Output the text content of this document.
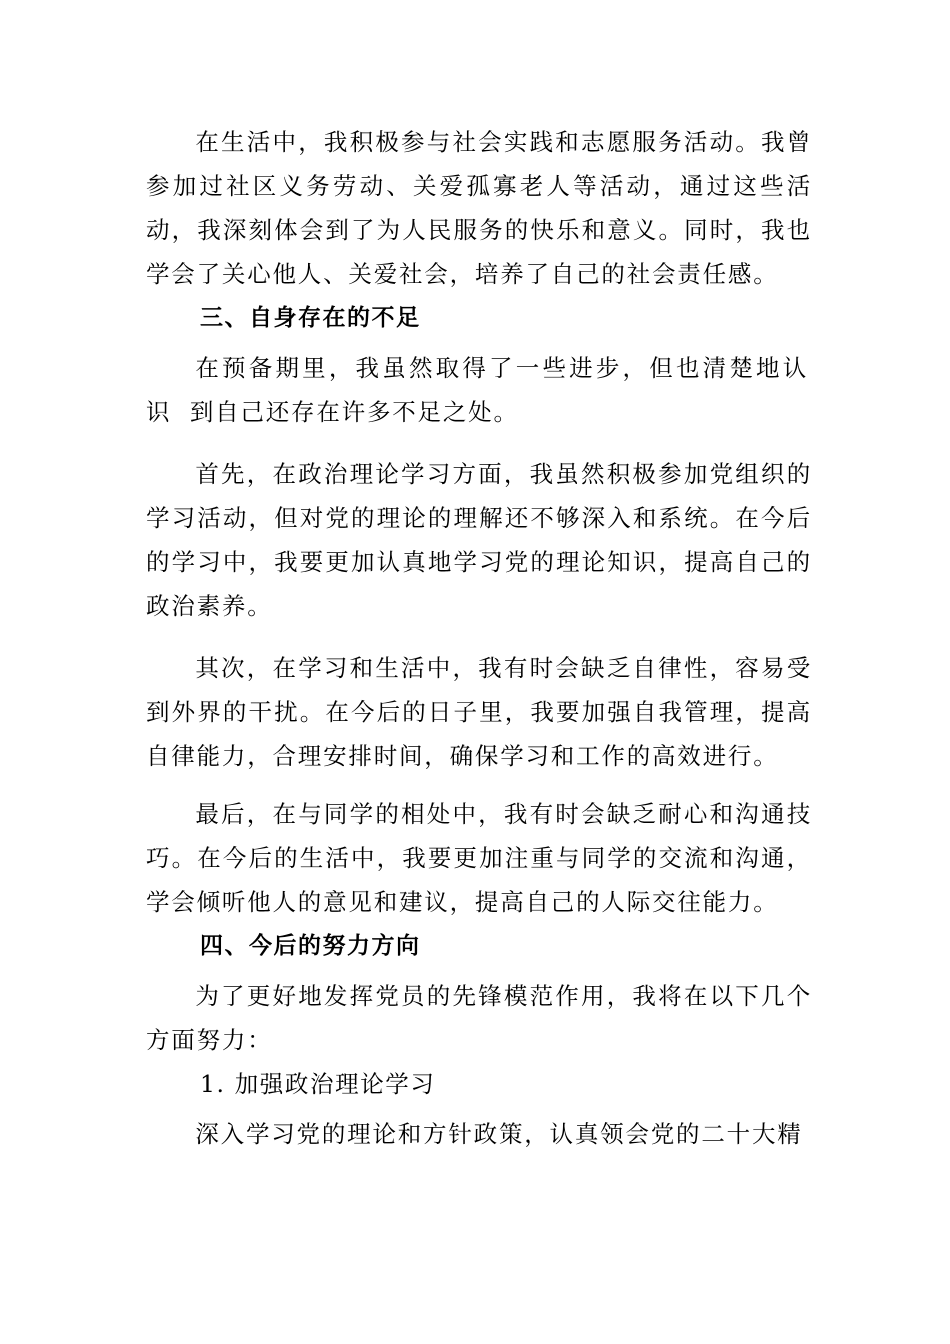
在生活中，我积极参与社会实践和志愿服务活动。我曾参加过社区义务劳动、关爱孤寡老人等活动，通过这些活动，我深刻体会到了为人民服务的快乐和意义。同时，我也学会了关心他人、关爱社会，培养了自己的社会责任感。

三、自身存在的不足

在预备期里，我虽然取得了一些进步，但也清楚地认

识  到自己还存在许多不足之处。

首先，在政治理论学习方面，我虽然积极参加党组织的学习活动，但对党的理论的理解还不够深入和系统。在今后的学习中，我要更加认真地学习党的理论知识，提高自己的政治素养。

其次，在学习和生活中，我有时会缺乏自律性，容易受到外界的干扰。在今后的日子里，我要加强自我管理，提高自律能力，合理安排时间，确保学习和工作的高效进行。

最后，在与同学的相处中，我有时会缺乏耐心和沟通技巧。在今后的生活中，我要更加注重与同学的交流和沟通，学会倾听他人的意见和建议，提高自己的人际交往能力。

四、今后的努力方向

为了更好地发挥党员的先锋模范作用，我将在以下几个方面努力：

1. 加强政治理论学习

深入学习党的理论和方针政策，认真领会党的二十大精
